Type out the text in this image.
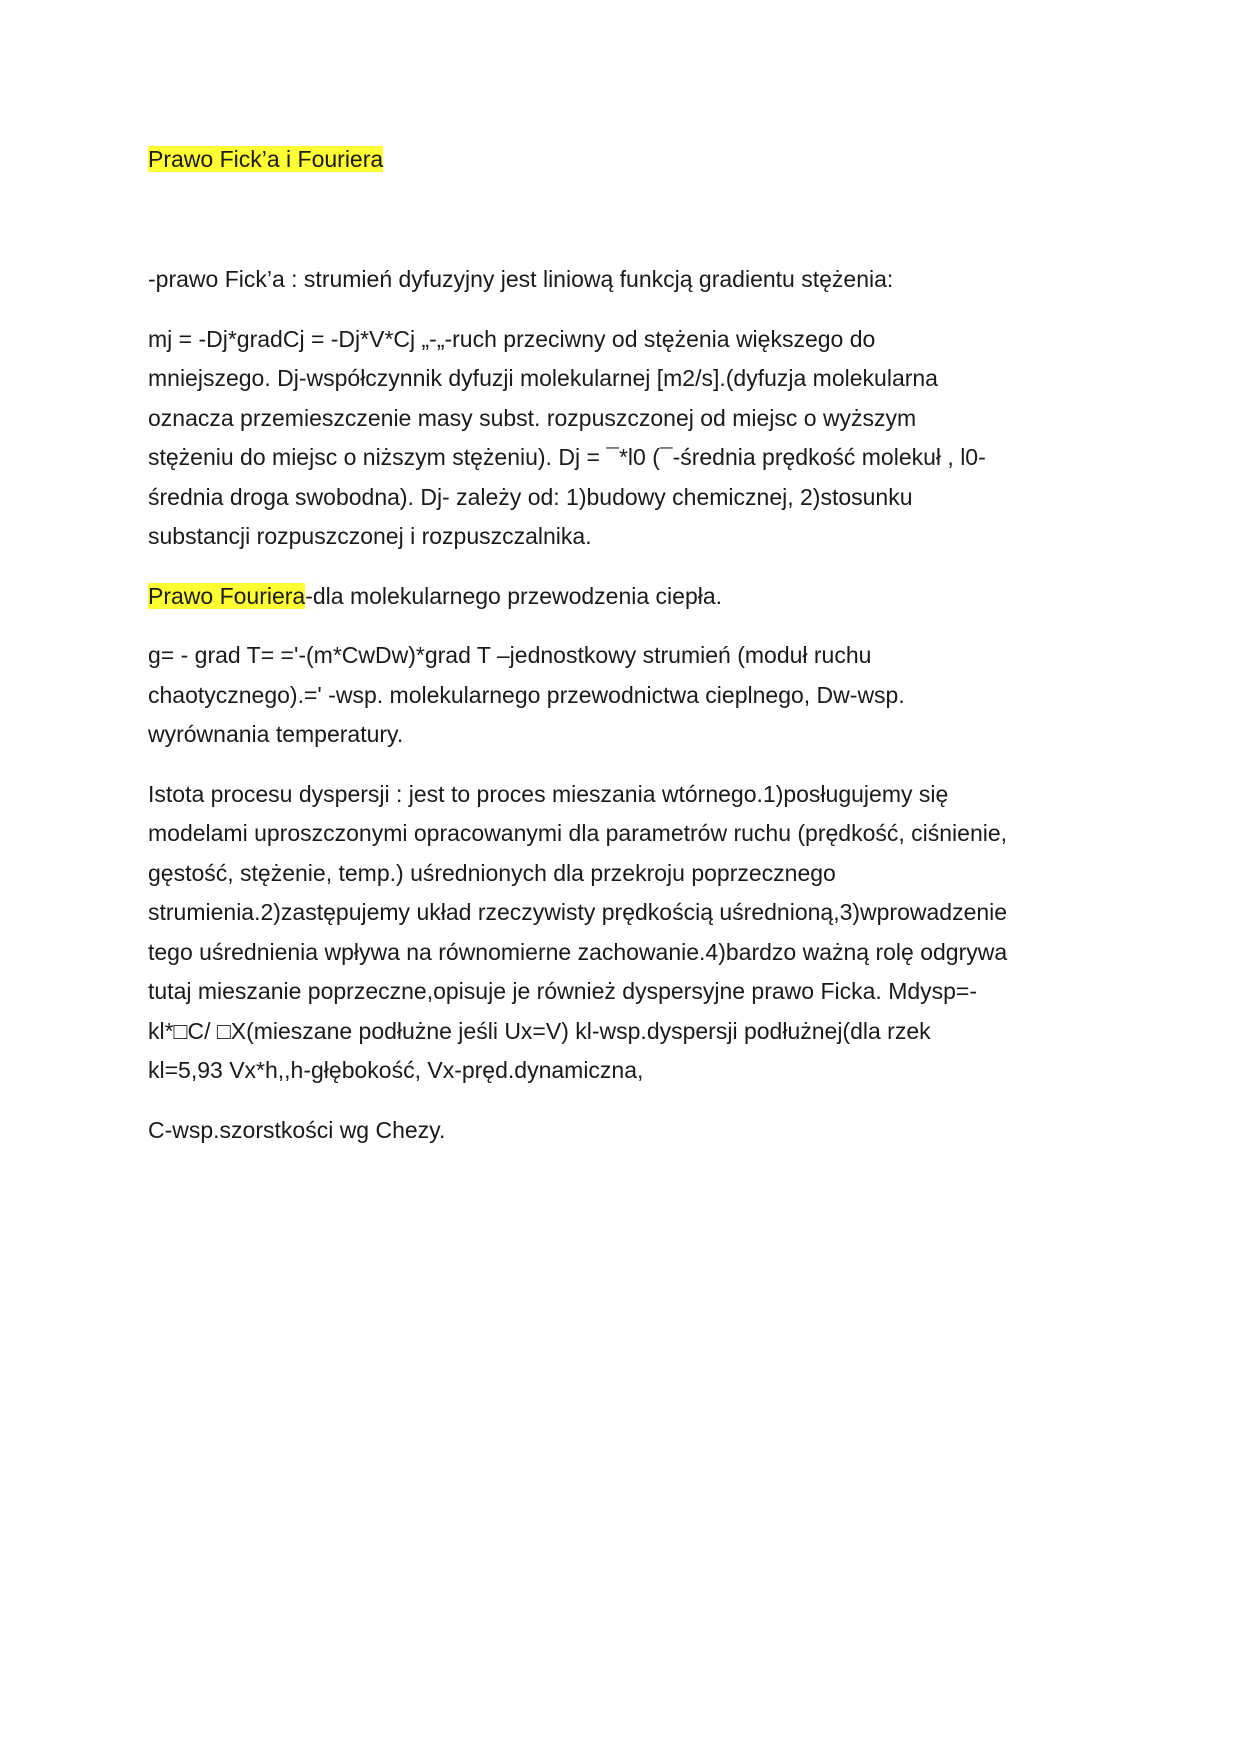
Prawo Fick’a i Fouriera

-prawo Fick’a : strumień dyfuzyjny jest liniową funkcją gradientu stężenia:

mj = -Dj*gradCj = -Dj*V*Cj „-„-ruch przeciwny od stężenia większego do
mniejszego. Dj-współczynnik dyfuzji molekularnej [m2/s].(dyfuzja molekularna
oznacza przemieszczenie masy subst. rozpuszczonej od miejsc o wyższym
stężeniu do miejsc o niższym stężeniu). Dj = ¯*l0 (¯-średnia prędkość molekuł , l0-
średnia droga swobodna). Dj- zależy od: 1)budowy chemicznej, 2)stosunku
substancji rozpuszczonej i rozpuszczalnika.

Prawo Fouriera-dla molekularnego przewodzenia ciepła.

g= - grad T= ='-(m*CwDw)*grad T –jednostkowy strumień (moduł ruchu
chaotycznego).=' -wsp. molekularnego przewodnictwa cieplnego, Dw-wsp.
wyrównania temperatury.

Istota procesu dyspersji : jest to proces mieszania wtórnego.1)posługujemy się
modelami uproszczonymi opracowanymi dla parametrów ruchu (prędkość, ciśnienie,
gęstość, stężenie, temp.) uśrednionych dla przekroju poprzecznego
strumienia.2)zastępujemy układ rzeczywisty prędkością uśrednioną,3)wprowadzenie
tego uśrednienia wpływa na równomierne zachowanie.4)bardzo ważną rolę odgrywa
tutaj mieszanie poprzeczne,opisuje je również dyspersyjne prawo Ficka. Mdysp=-
kl*□C/ □X(mieszane podłużne jeśli Ux=V) kl-wsp.dyspersji podłużnej(dla rzek
kl=5,93 Vx*h,,h-głębokość, Vx-pręd.dynamiczna,

C-wsp.szorstkości wg Chezy.
